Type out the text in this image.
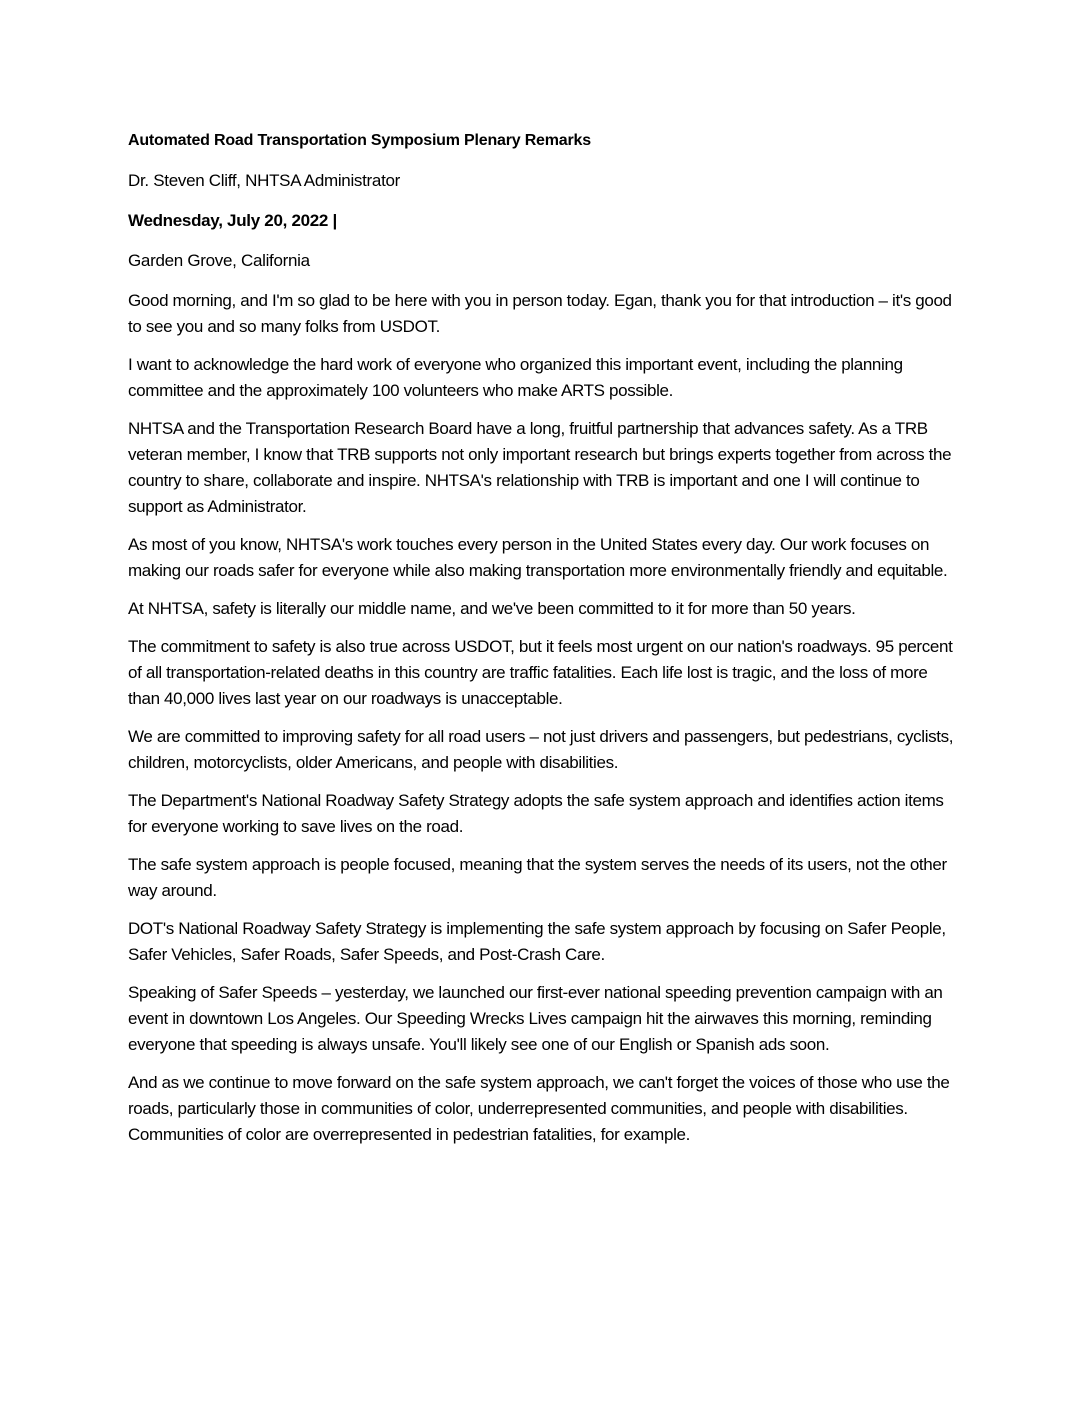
Automated Road Transportation Symposium Plenary Remarks
Dr. Steven Cliff, NHTSA Administrator
Wednesday, July 20, 2022 |
Garden Grove, California

Good morning, and I'm so glad to be here with you in person today. Egan, thank you for that introduction – it's good to see you and so many folks from USDOT.

I want to acknowledge the hard work of everyone who organized this important event, including the planning committee and the approximately 100 volunteers who make ARTS possible.

NHTSA and the Transportation Research Board have a long, fruitful partnership that advances safety. As a TRB veteran member, I know that TRB supports not only important research but brings experts together from across the country to share, collaborate and inspire. NHTSA's relationship with TRB is important and one I will continue to support as Administrator.

As most of you know, NHTSA's work touches every person in the United States every day. Our work focuses on making our roads safer for everyone while also making transportation more environmentally friendly and equitable.

At NHTSA, safety is literally our middle name, and we've been committed to it for more than 50 years.

The commitment to safety is also true across USDOT, but it feels most urgent on our nation's roadways. 95 percent of all transportation-related deaths in this country are traffic fatalities. Each life lost is tragic, and the loss of more than 40,000 lives last year on our roadways is unacceptable.

We are committed to improving safety for all road users – not just drivers and passengers, but pedestrians, cyclists, children, motorcyclists, older Americans, and people with disabilities.

The Department's National Roadway Safety Strategy adopts the safe system approach and identifies action items for everyone working to save lives on the road.

The safe system approach is people focused, meaning that the system serves the needs of its users, not the other way around.

DOT's National Roadway Safety Strategy is implementing the safe system approach by focusing on Safer People, Safer Vehicles, Safer Roads, Safer Speeds, and Post-Crash Care.

Speaking of Safer Speeds – yesterday, we launched our first-ever national speeding prevention campaign with an event in downtown Los Angeles. Our Speeding Wrecks Lives campaign hit the airwaves this morning, reminding everyone that speeding is always unsafe. You'll likely see one of our English or Spanish ads soon.

And as we continue to move forward on the safe system approach, we can't forget the voices of those who use the roads, particularly those in communities of color, underrepresented communities, and people with disabilities. Communities of color are overrepresented in pedestrian fatalities, for example.
